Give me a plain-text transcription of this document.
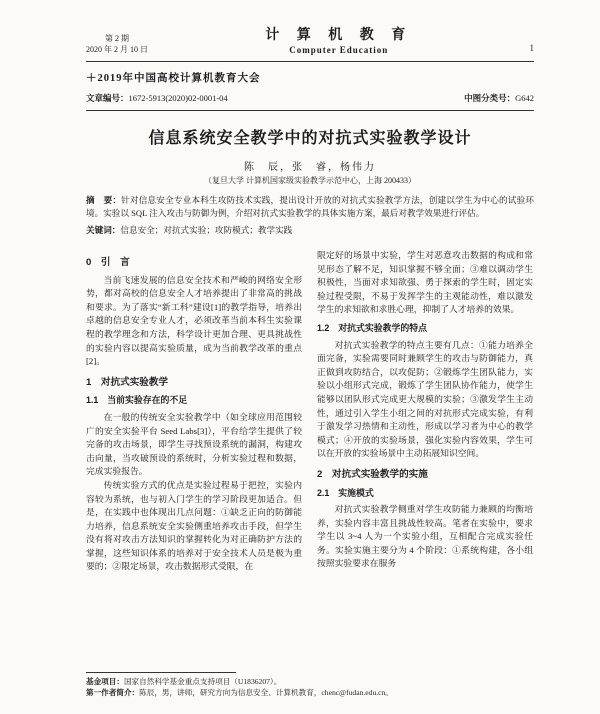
第 2 期
2020 年 2 月 10 日
计 算 机 教 育
Computer Education	1
＋2019年中国高校计算机教育大会
文章编号：1672-5913(2020)02-0001-04	中图分类号：G642
信息系统安全教学中的对抗式实验教学设计
陈　辰，张　睿，杨伟力
（复旦大学 计算机国家级实验教学示范中心，上海 200433）
摘　要：针对信息安全专业本科生攻防技术实践，提出设计开放的对抗式实验教学方法，创建以学生为中心的试验环境。实验以 SQL 注入攻击与防御为例，介绍对抗式实验教学的具体实施方案，最后对教学效果进行评估。
关键词：信息安全；对抗式实验；攻防模式；教学实践
0　引　言
当前飞速发展的信息安全技术和严峻的网络安全形势，都对高校的信息安全人才培养提出了非常高的挑战和要求。为了落实“新工科”建设[1]的教学指导，培养出卓越的信息安全专业人才，必须改革当前本科生实验课程的教学理念和方法，科学设计更加合理、更具挑战性的实验内容以提高实验质量，成为当前教学改革的重点[2]。
1　对抗式实验教学
1.1　当前实验存在的不足
在一般的传统安全实验教学中（如全球应用范围较广的安全实验平台 Seed Labs[3]），平台给学生提供了较完备的攻击场景，即学生寻找预设系统的漏洞，构建攻击向量，当攻破预设的系统时，分析实验过程和数据，完成实验报告。
传统实验方式的优点是实验过程易于把控，实验内容较为系统，也与初入门学生的学习阶段更加适合。但是，在实践中也体现出几点问题：①缺乏正向的防御能力培养，信息系统安全实验侧重培养攻击手段，但学生没有将对攻击方法知识的掌握转化为对正确防护方法的掌握，这些知识体系的培养对于安全技术人员是极为重要的；②限定场景，攻击数据形式受限，在
限定好的场景中实验，学生对恶意攻击数据的构成和常见形态了解不足，知识掌握不够全面；③难以调动学生积极性，当面对求知欲强、勇于探索的学生时，固定实验过程受限，不易于发挥学生的主观能动性，难以激发学生的求知欲和求胜心理，抑制了人才培养的效果。
1.2　对抗式实验教学的特点
对抗式实验教学的特点主要有几点：①能力培养全面完备，实验需要同时兼顾学生的攻击与防御能力，真正做到攻防结合，以攻促防；②锻炼学生团队能力，实验以小组形式完成，锻炼了学生团队协作能力，使学生能够以团队形式完成更大规模的实验；③激发学生主动性，通过引入学生小组之间的对抗形式完成实验，有利于激发学习热情和主动性，形成以学习者为中心的教学模式；④开放的实验场景，强化实验内容效果，学生可以在开放的实验场景中主动拓展知识空间。
2　对抗式实验教学的实施
2.1　实施模式
对抗式实验教学侧重对学生攻防能力兼顾的均衡培养，实验内容丰富且挑战性较高。笔者在实验中，要求学生以 3~4 人为一个实验小组，互相配合完成实验任务。实验实施主要分为 4 个阶段：①系统构建，各小组按照实验要求在服务
基金项目：国家自然科学基金重点支持项目（U1836207）。
第一作者简介：陈辰，男，讲师，研究方向为信息安全、计算机教育，chenc@fudan.edu.cn。
